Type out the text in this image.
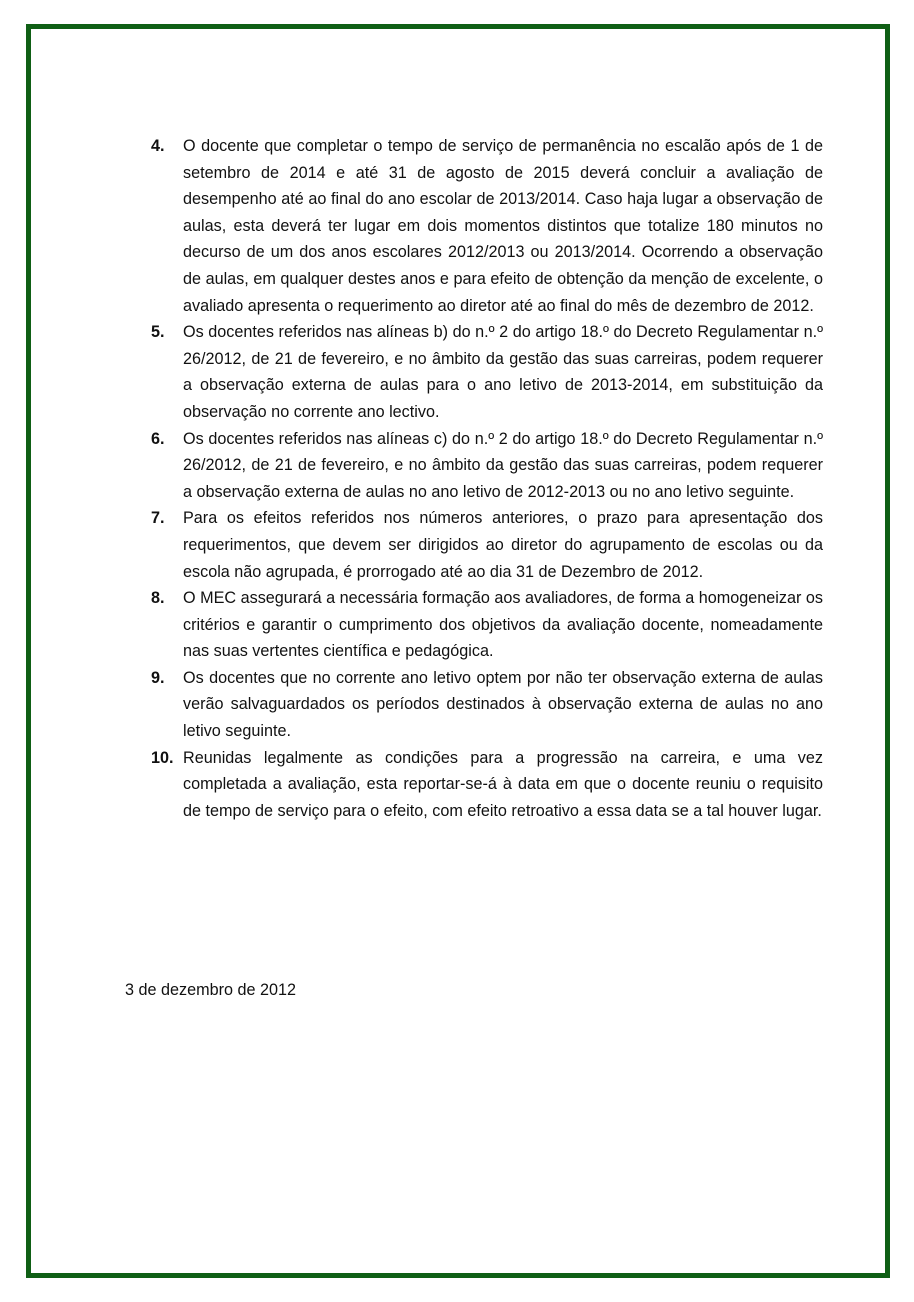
4.	O docente que completar o tempo de serviço de permanência no escalão após de 1 de setembro de 2014 e até 31 de agosto de 2015 deverá concluir a avaliação de desempenho até ao final do ano escolar de 2013/2014. Caso haja lugar a observação de aulas, esta deverá ter lugar em dois momentos distintos que totalize 180 minutos no decurso de um dos anos escolares 2012/2013 ou 2013/2014. Ocorrendo a observação de aulas, em qualquer destes anos e para efeito de obtenção da menção de excelente, o avaliado apresenta o requerimento ao diretor até ao final do mês de dezembro de 2012.
5.	Os docentes referidos nas alíneas b) do n.º 2 do artigo 18.º do Decreto Regulamentar n.º 26/2012, de 21 de fevereiro, e no âmbito da gestão das suas carreiras, podem requerer a observação externa de aulas para o ano letivo de 2013-2014, em substituição da observação no corrente ano lectivo.
6.	Os docentes referidos nas alíneas c) do n.º 2 do artigo 18.º do Decreto Regulamentar n.º 26/2012, de 21 de fevereiro, e no âmbito da gestão das suas carreiras, podem requerer a observação externa de aulas no ano letivo de 2012-2013 ou no ano letivo seguinte.
7.	Para os efeitos referidos nos números anteriores, o prazo para apresentação dos requerimentos, que devem ser dirigidos ao diretor do agrupamento de escolas ou da escola não agrupada, é prorrogado até ao dia 31 de Dezembro de 2012.
8.	O MEC assegurará a necessária formação aos avaliadores, de forma a homogeneizar os critérios e garantir o cumprimento dos objetivos da avaliação docente, nomeadamente nas suas vertentes científica e pedagógica.
9.	Os docentes que no corrente ano letivo optem por não ter observação externa de aulas verão salvaguardados os períodos destinados à observação externa de aulas no ano letivo seguinte.
10. Reunidas legalmente as condições para a progressão na carreira, e uma vez completada a avaliação, esta reportar-se-á à data em que o docente reuniu o requisito de tempo de serviço para o efeito, com efeito retroativo a essa data se a tal houver lugar.
3 de dezembro de 2012
